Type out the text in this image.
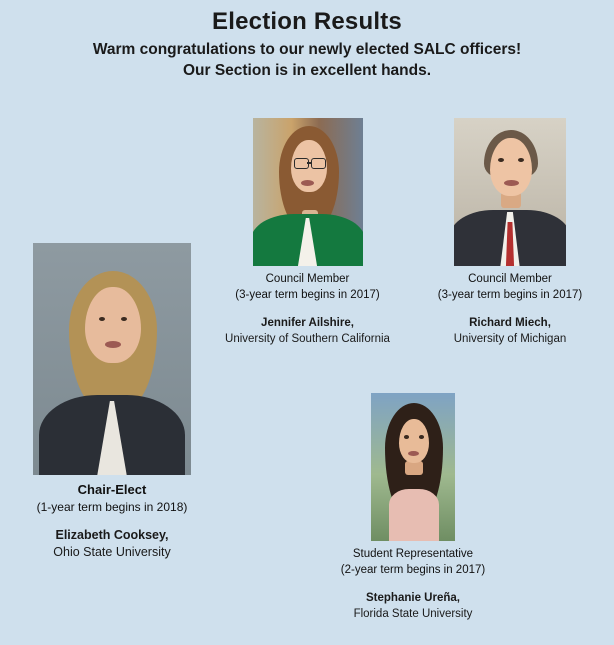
Election Results

Warm congratulations to our newly elected SALC officers!
Our Section is in excellent hands.

Chair-Elect
(1-year term begins in 2018)
Elizabeth Cooksey,
Ohio State University
Council Member
(3-year term begins in 2017)
Jennifer Ailshire,
University of Southern California
Council Member
(3-year term begins in 2017)
Richard Miech,
University of Michigan
Student Representative
(2-year term begins in 2017)
Stephanie Ureña,
Florida State University
